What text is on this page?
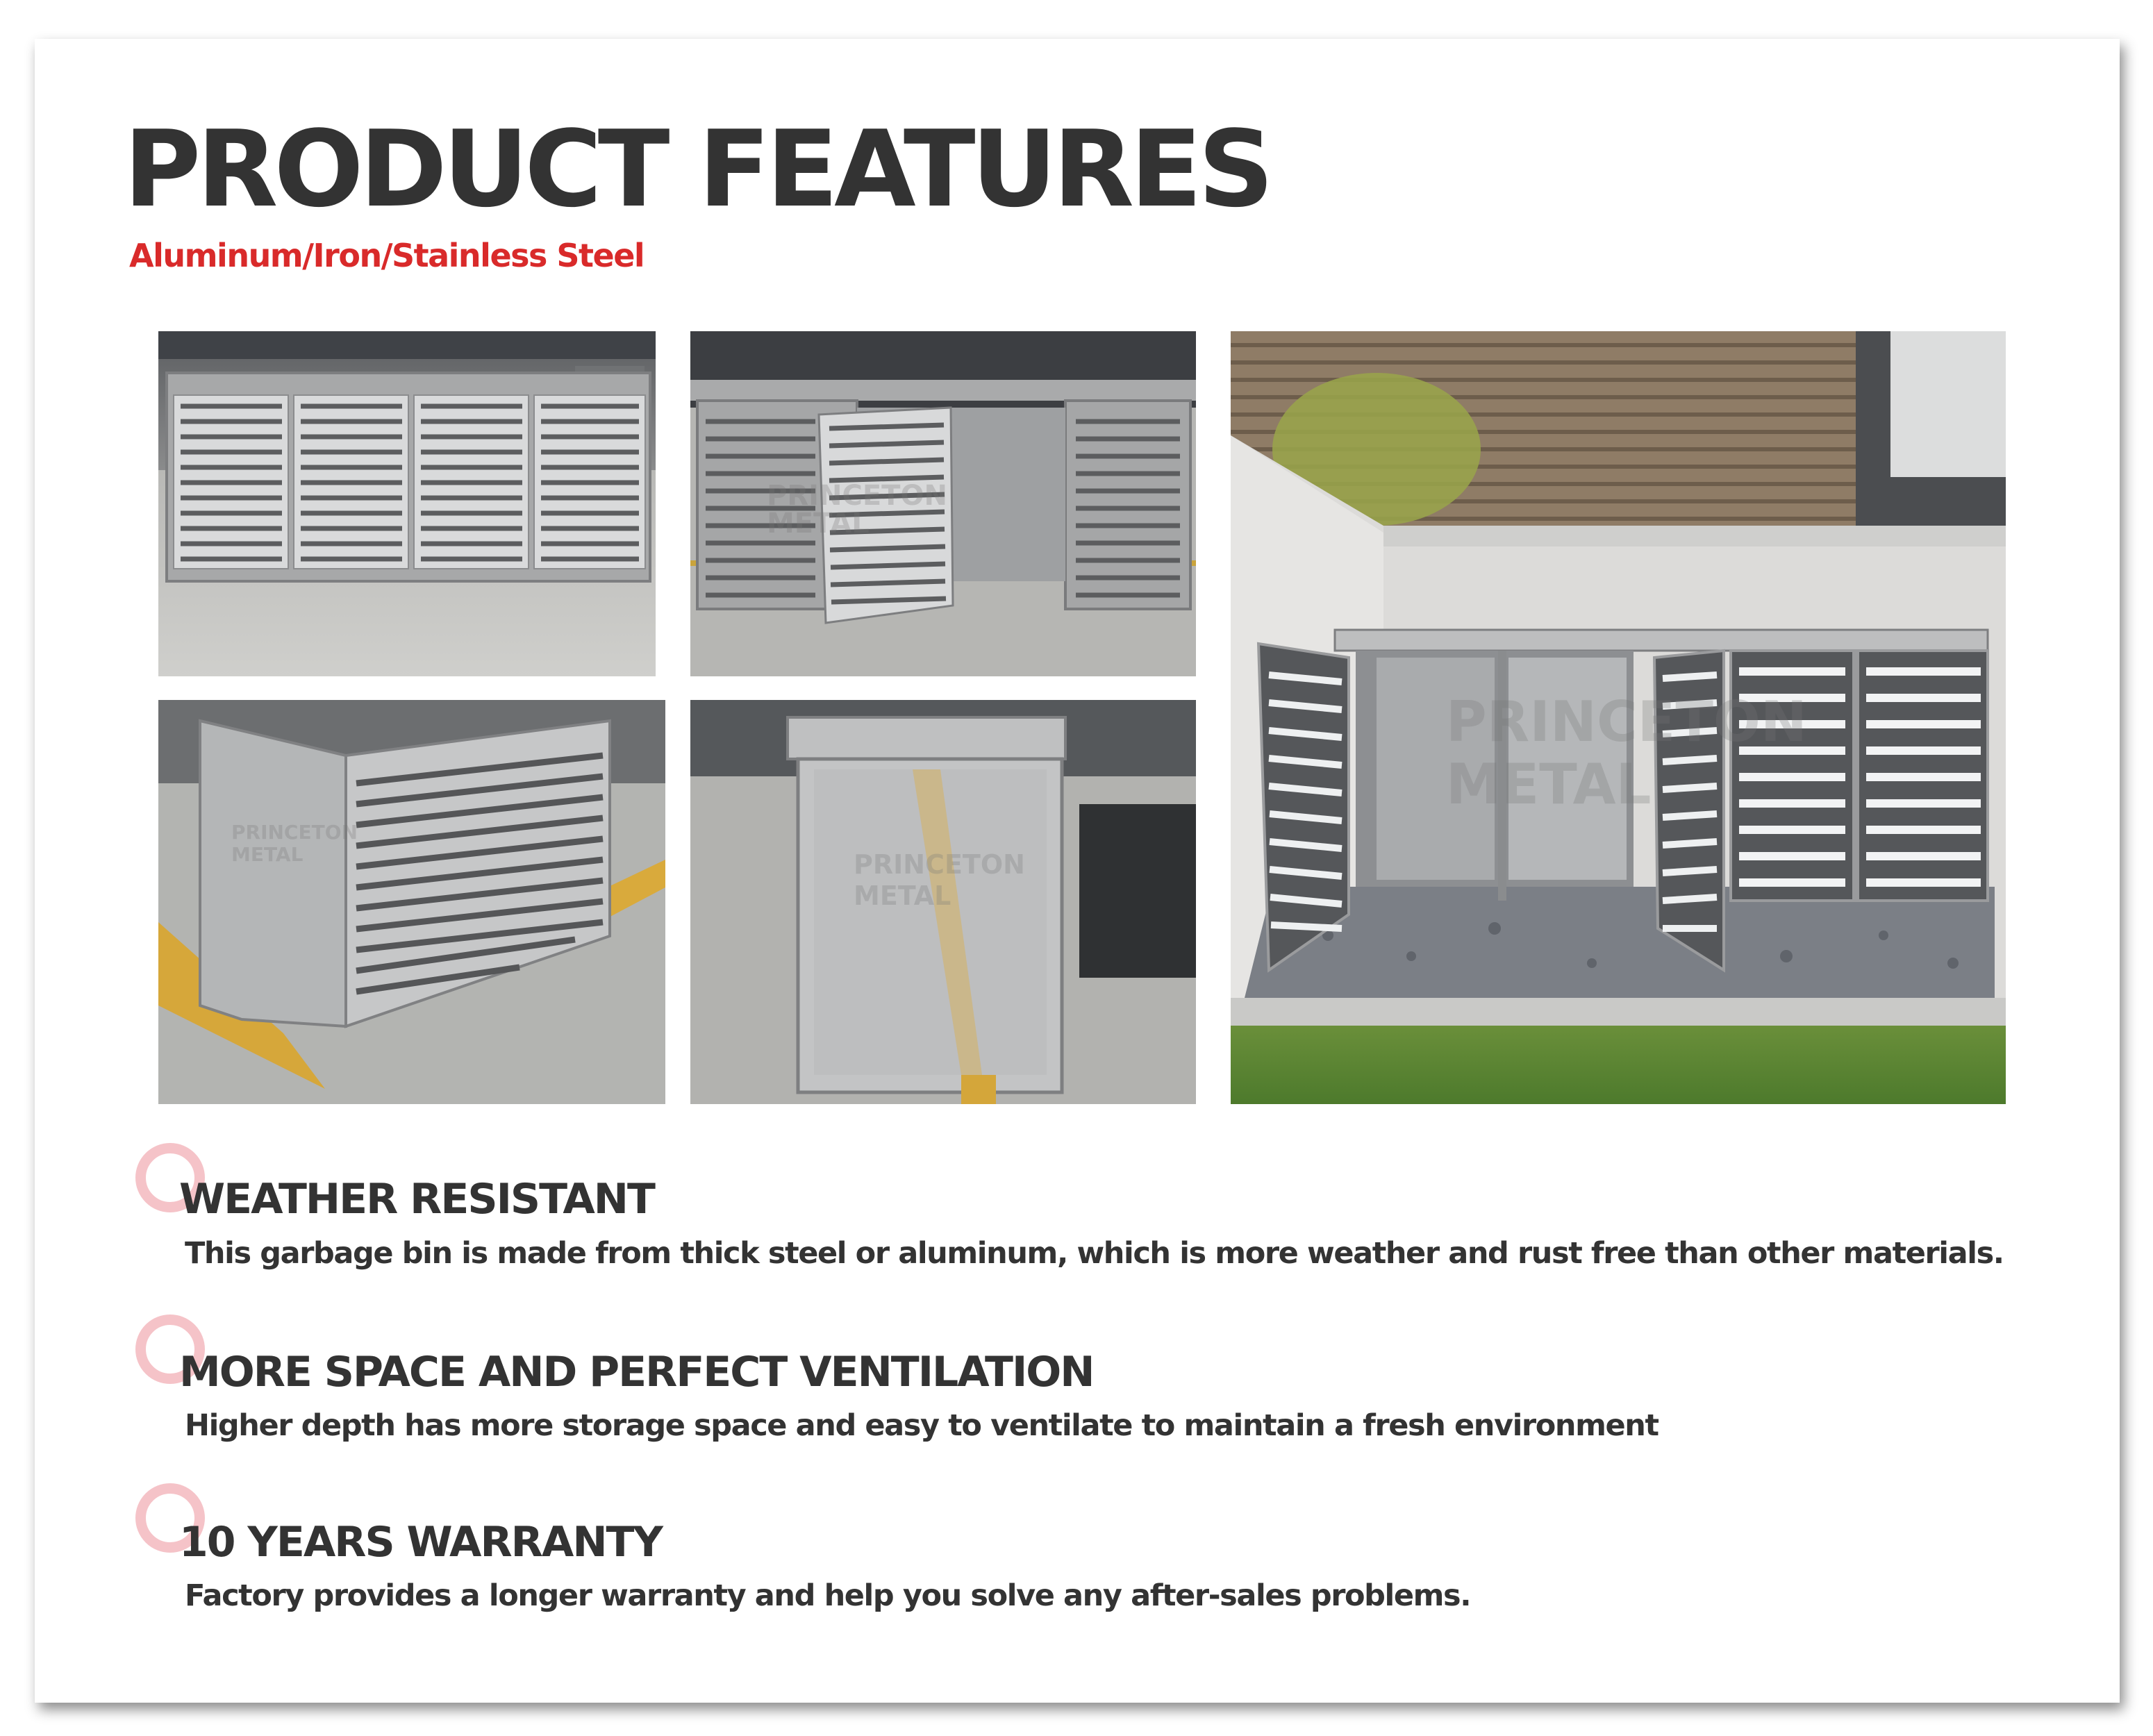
PRODUCT FEATURES
Aluminum/Iron/Stainless Steel
PRINCETON
METAL
PRINCETON
METAL	PRINCETON
METAL
PRINCETON
METAL
WEATHER RESISTANT

This garbage bin is made from thick steel or aluminum, which is more weather and rust free than other materials.

MORE SPACE AND PERFECT VENTILATION

Higher depth has more storage space and easy to ventilate to maintain a fresh environment

10 YEARS WARRANTY

Factory provides a longer warranty and help you solve any after-sales problems.
